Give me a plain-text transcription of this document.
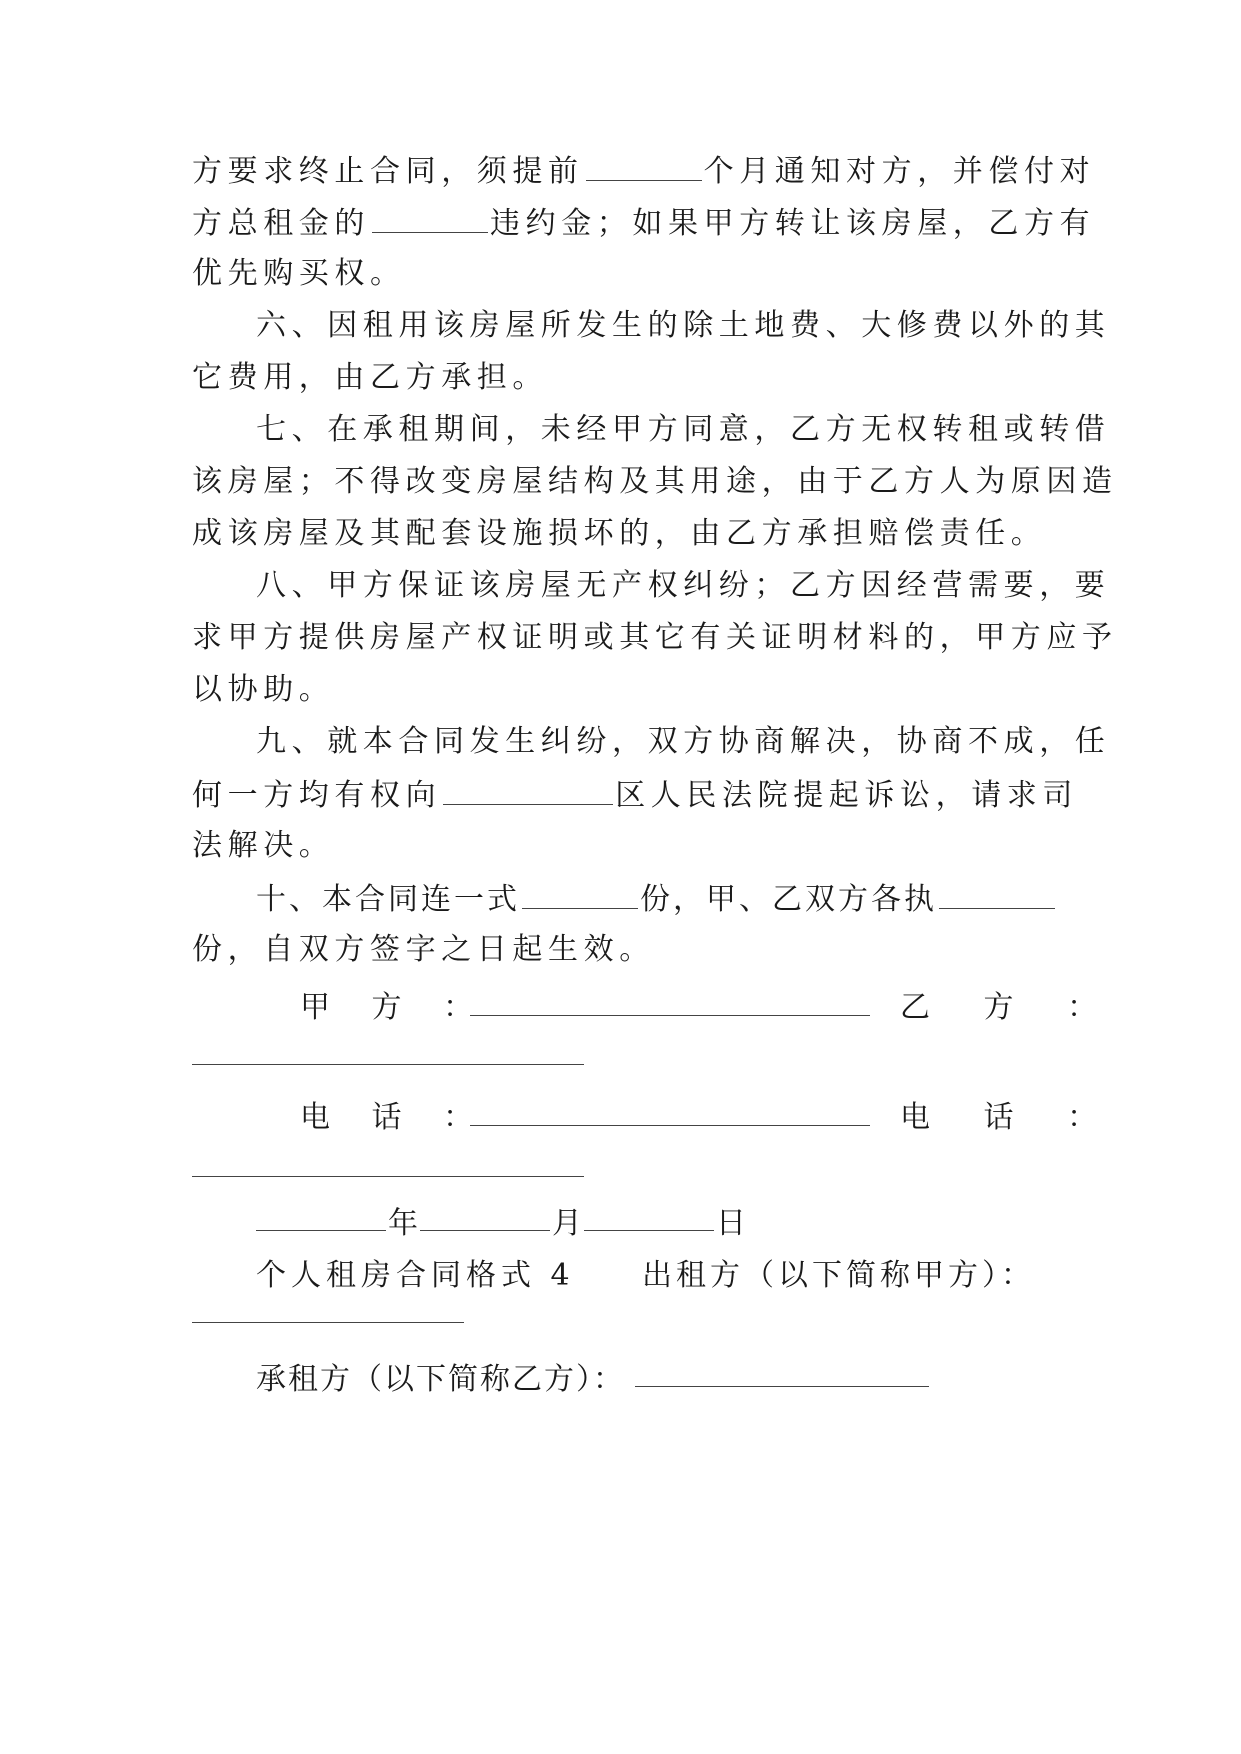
方要求终止合同，须提前	个月通知对方，并偿付对
方总租金的	违约金；如果甲方转让该房屋，乙方有
优先购买权。
六、因租用该房屋所发生的除土地费、大修费以外的其
它费用，由乙方承担。
七、在承租期间，未经甲方同意，乙方无权转租或转借
该房屋；不得改变房屋结构及其用途，由于乙方人为原因造
成该房屋及其配套设施损坏的，由乙方承担赔偿责任。
八、甲方保证该房屋无产权纠纷；乙方因经营需要，要
求甲方提供房屋产权证明或其它有关证明材料的，甲方应予
以协助。
九、就本合同发生纠纷，双方协商解决，协商不成，任
何一方均有权向	区人民法院提起诉讼，请求司
法解决。
十、本合同连一式	份，甲、乙双方各执
份，自双方签字之日起生效。
甲 方 ：	乙 方 ：
电 话 ：	电 话 ：
年	月	日
个人租房合同格式 4 出租方（以下简称甲方）：
承租方（以下简称乙方）：
